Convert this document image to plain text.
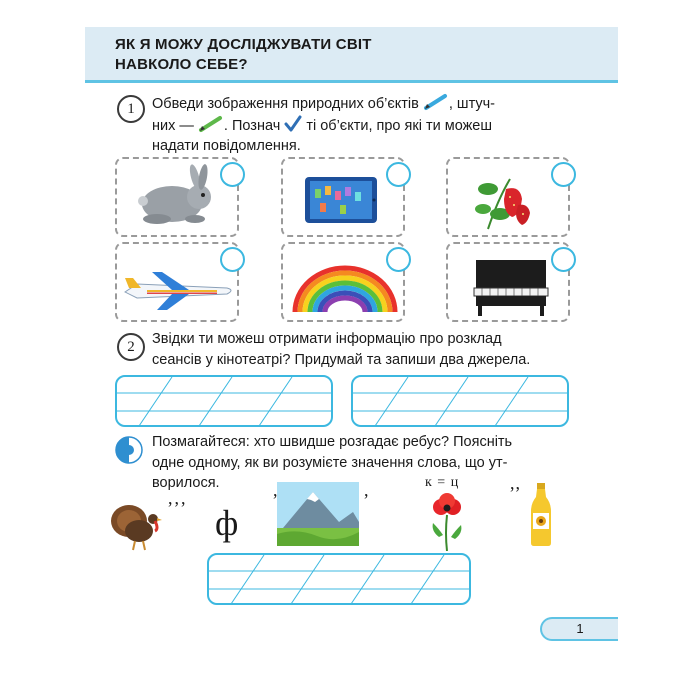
ЯК Я МОЖУ ДОСЛІДЖУВАТИ СВІТ НАВКОЛО СЕБЕ?
1	Обведи зображення природних об’єктів , штуч-
них — . Познач ті об’єкти, про які ти можеш
надати повідомлення.
2	Звідки ти можеш отримати інформацію про розклад
сеансів у кінотеатрі? Придумай та запиши два джерела.
Позмагайтеся: хто швидше розгадає ребус? Поясніть
одне одному, як ви розумієте значення слова, що ут-
ворилося.
,,,
ф
,	,	к = ц	,,
1
